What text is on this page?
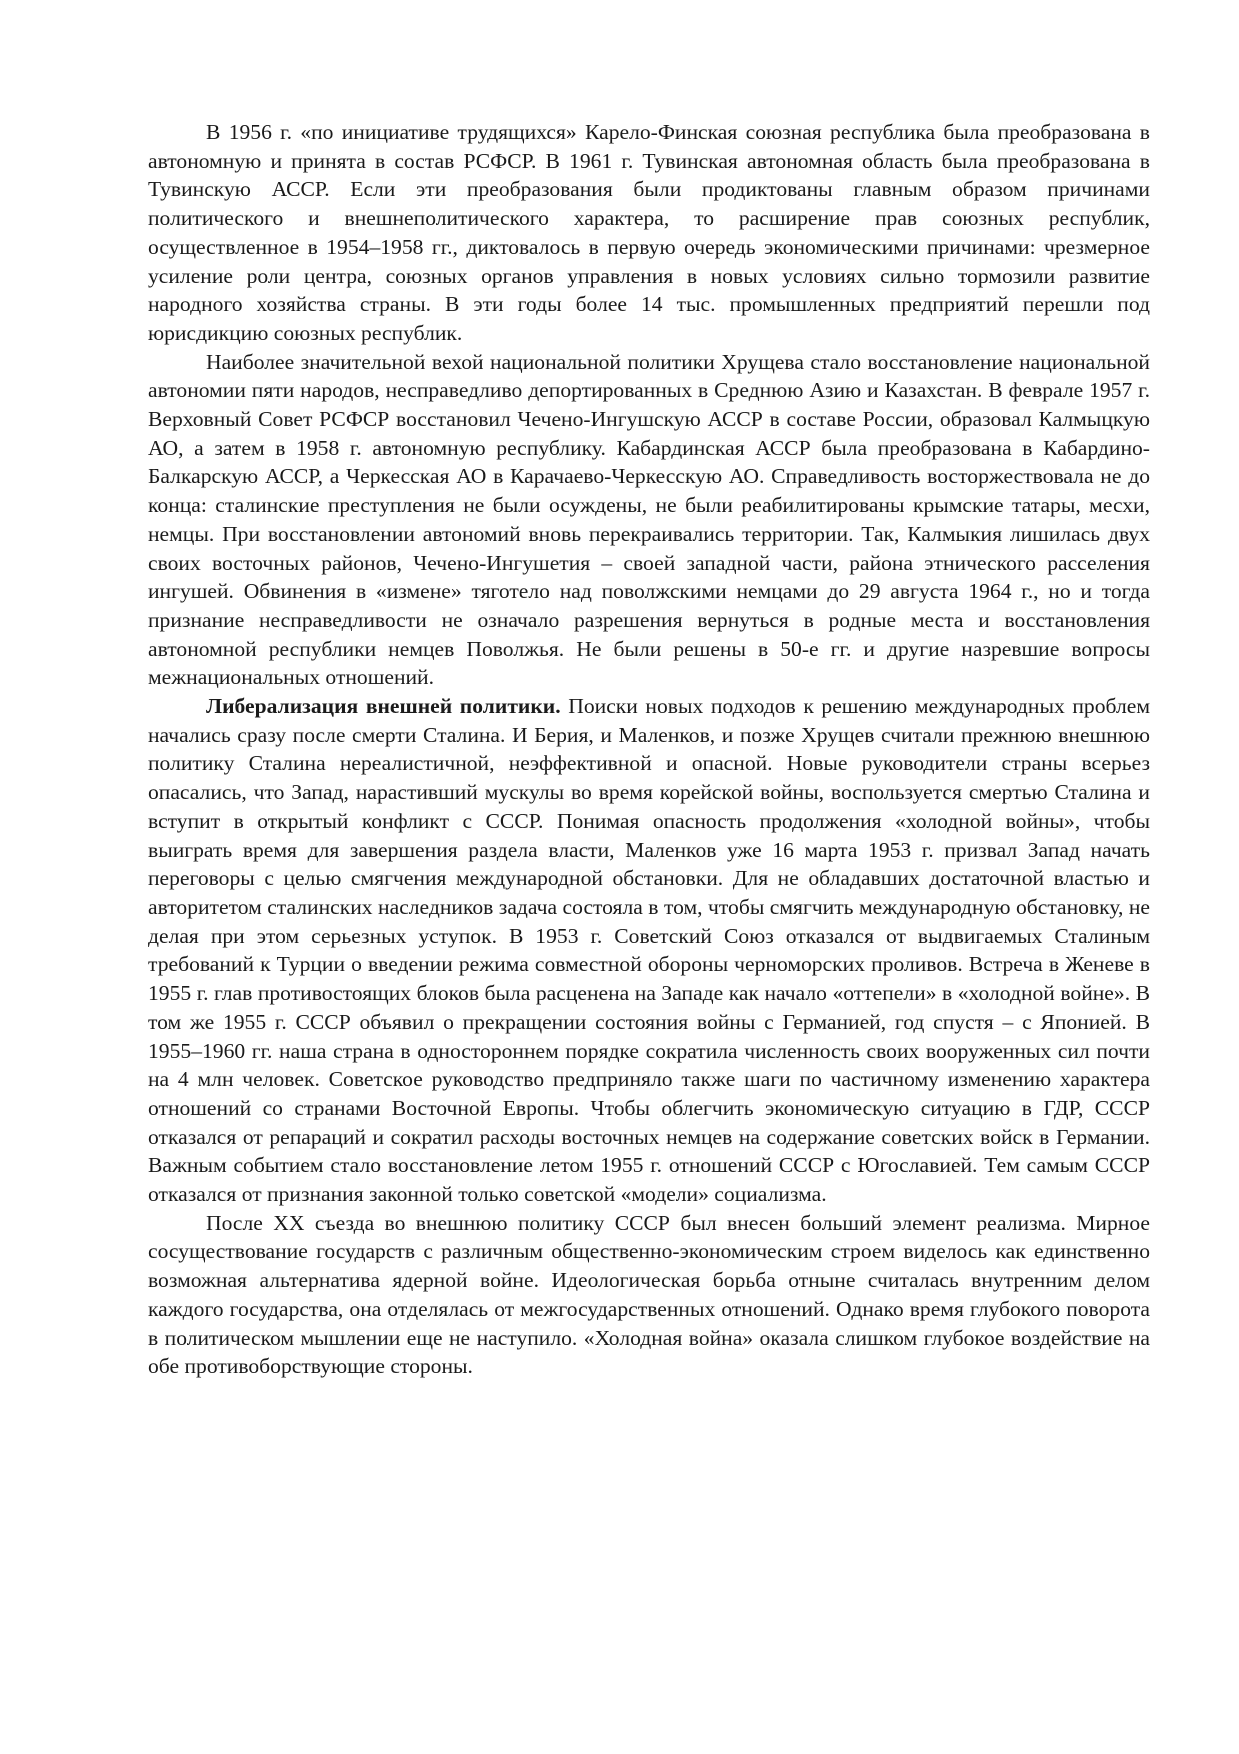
В 1956 г. «по инициативе трудящихся» Карело-Финская союзная республика была преобразована в автономную и принята в состав РСФСР. В 1961 г. Тувинская автономная область была преобразована в Тувинскую АССР. Если эти преобразования были продиктованы главным образом причинами политического и внешнеполитического характера, то расширение прав союзных республик, осуществленное в 1954–1958 гг., диктовалось в первую очередь экономическими причинами: чрезмерное усиление роли центра, союзных органов управления в новых условиях сильно тормозили развитие народного хозяйства страны. В эти годы более 14 тыс. промышленных предприятий перешли под юрисдикцию союзных республик.

Наиболее значительной вехой национальной политики Хрущева стало восстановление национальной автономии пяти народов, несправедливо депортированных в Среднюю Азию и Казахстан. В феврале 1957 г. Верховный Совет РСФСР восстановил Чечено-Ингушскую АССР в составе России, образовал Калмыцкую АО, а затем в 1958 г. автономную республику. Кабардинская АССР была преобразована в Кабардино-Балкарскую АССР, а Черкесская АО в Карачаево-Черкесскую АО. Справедливость восторжествовала не до конца: сталинские преступления не были осуждены, не были реабилитированы крымские татары, месхи, немцы. При восстановлении автономий вновь перекраивались территории. Так, Калмыкия лишилась двух своих восточных районов, Чечено-Ингушетия – своей западной части, района этнического расселения ингушей. Обвинения в «измене» тяготело над поволжскими немцами до 29 августа 1964 г., но и тогда признание несправедливости не означало разрешения вернуться в родные места и восстановления автономной республики немцев Поволжья. Не были решены в 50-е гг. и другие назревшие вопросы межнациональных отношений.

Либерализация внешней политики. Поиски новых подходов к решению международных проблем начались сразу после смерти Сталина. И Берия, и Маленков, и позже Хрущев считали прежнюю внешнюю политику Сталина нереалистичной, неэффективной и опасной. Новые руководители страны всерьез опасались, что Запад, нарастивший мускулы во время корейской войны, воспользуется смертью Сталина и вступит в открытый конфликт с СССР. Понимая опасность продолжения «холодной войны», чтобы выиграть время для завершения раздела власти, Маленков уже 16 марта 1953 г. призвал Запад начать переговоры с целью смягчения международной обстановки. Для не обладавших достаточной властью и авторитетом сталинских наследников задача состояла в том, чтобы смягчить международную обстановку, не делая при этом серьезных уступок. В 1953 г. Советский Союз отказался от выдвигаемых Сталиным требований к Турции о введении режима совместной обороны черноморских проливов. Встреча в Женеве в 1955 г. глав противостоящих блоков была расценена на Западе как начало «оттепели» в «холодной войне». В том же 1955 г. СССР объявил о прекращении состояния войны с Германией, год спустя – с Японией. В 1955–1960 гг. наша страна в одностороннем порядке сократила численность своих вооруженных сил почти на 4 млн человек. Советское руководство предприняло также шаги по частичному изменению характера отношений со странами Восточной Европы. Чтобы облегчить экономическую ситуацию в ГДР, СССР отказался от репараций и сократил расходы восточных немцев на содержание советских войск в Германии. Важным событием стало восстановление летом 1955 г. отношений СССР с Югославией. Тем самым СССР отказался от признания законной только советской «модели» социализма.

После XX съезда во внешнюю политику СССР был внесен больший элемент реализма. Мирное сосуществование государств с различным общественно-экономическим строем виделось как единственно возможная альтернатива ядерной войне. Идеологическая борьба отныне считалась внутренним делом каждого государства, она отделялась от межгосударственных отношений. Однако время глубокого поворота в политическом мышлении еще не наступило. «Холодная война» оказала слишком глубокое воздействие на обе противоборствующие стороны.
